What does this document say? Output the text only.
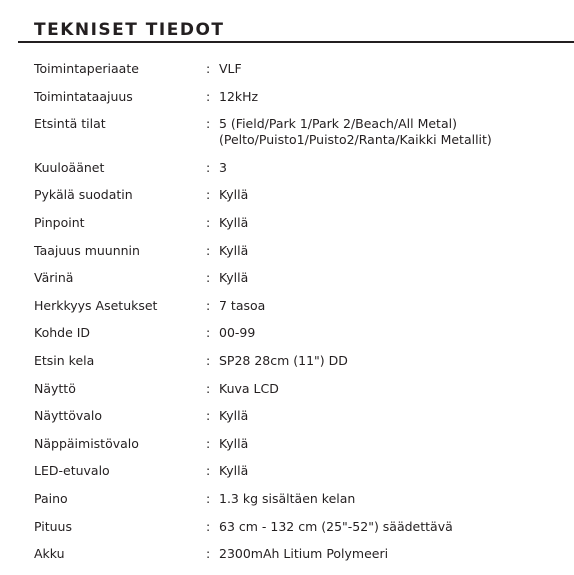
TEKNISET TIEDOT
Toimintaperiaate	: VLF
Toimintataajuus	: 12kHz
Etsintä tilat	: 5 (Field/Park 1/Park 2/Beach/All Metal)
(Pelto/Puisto1/Puisto2/Ranta/Kaikki Metallit)
Kuuloäänet	: 3
Pykälä suodatin	: Kyllä
Pinpoint	: Kyllä
Taajuus muunnin	: Kyllä
Värinä	: Kyllä
Herkkyys Asetukset	: 7 tasoa
Kohde ID	: 00-99
Etsin kela	: SP28 28cm (11") DD
Näyttö	: Kuva LCD
Näyttövalo	: Kyllä
Näppäimistövalo	: Kyllä
LED-etuvalo	: Kyllä
Paino	: 1.3 kg sisältäen kelan
Pituus	: 63 cm - 132 cm (25"-52") säädettävä
Akku	: 2300mAh Litium Polymeeri
